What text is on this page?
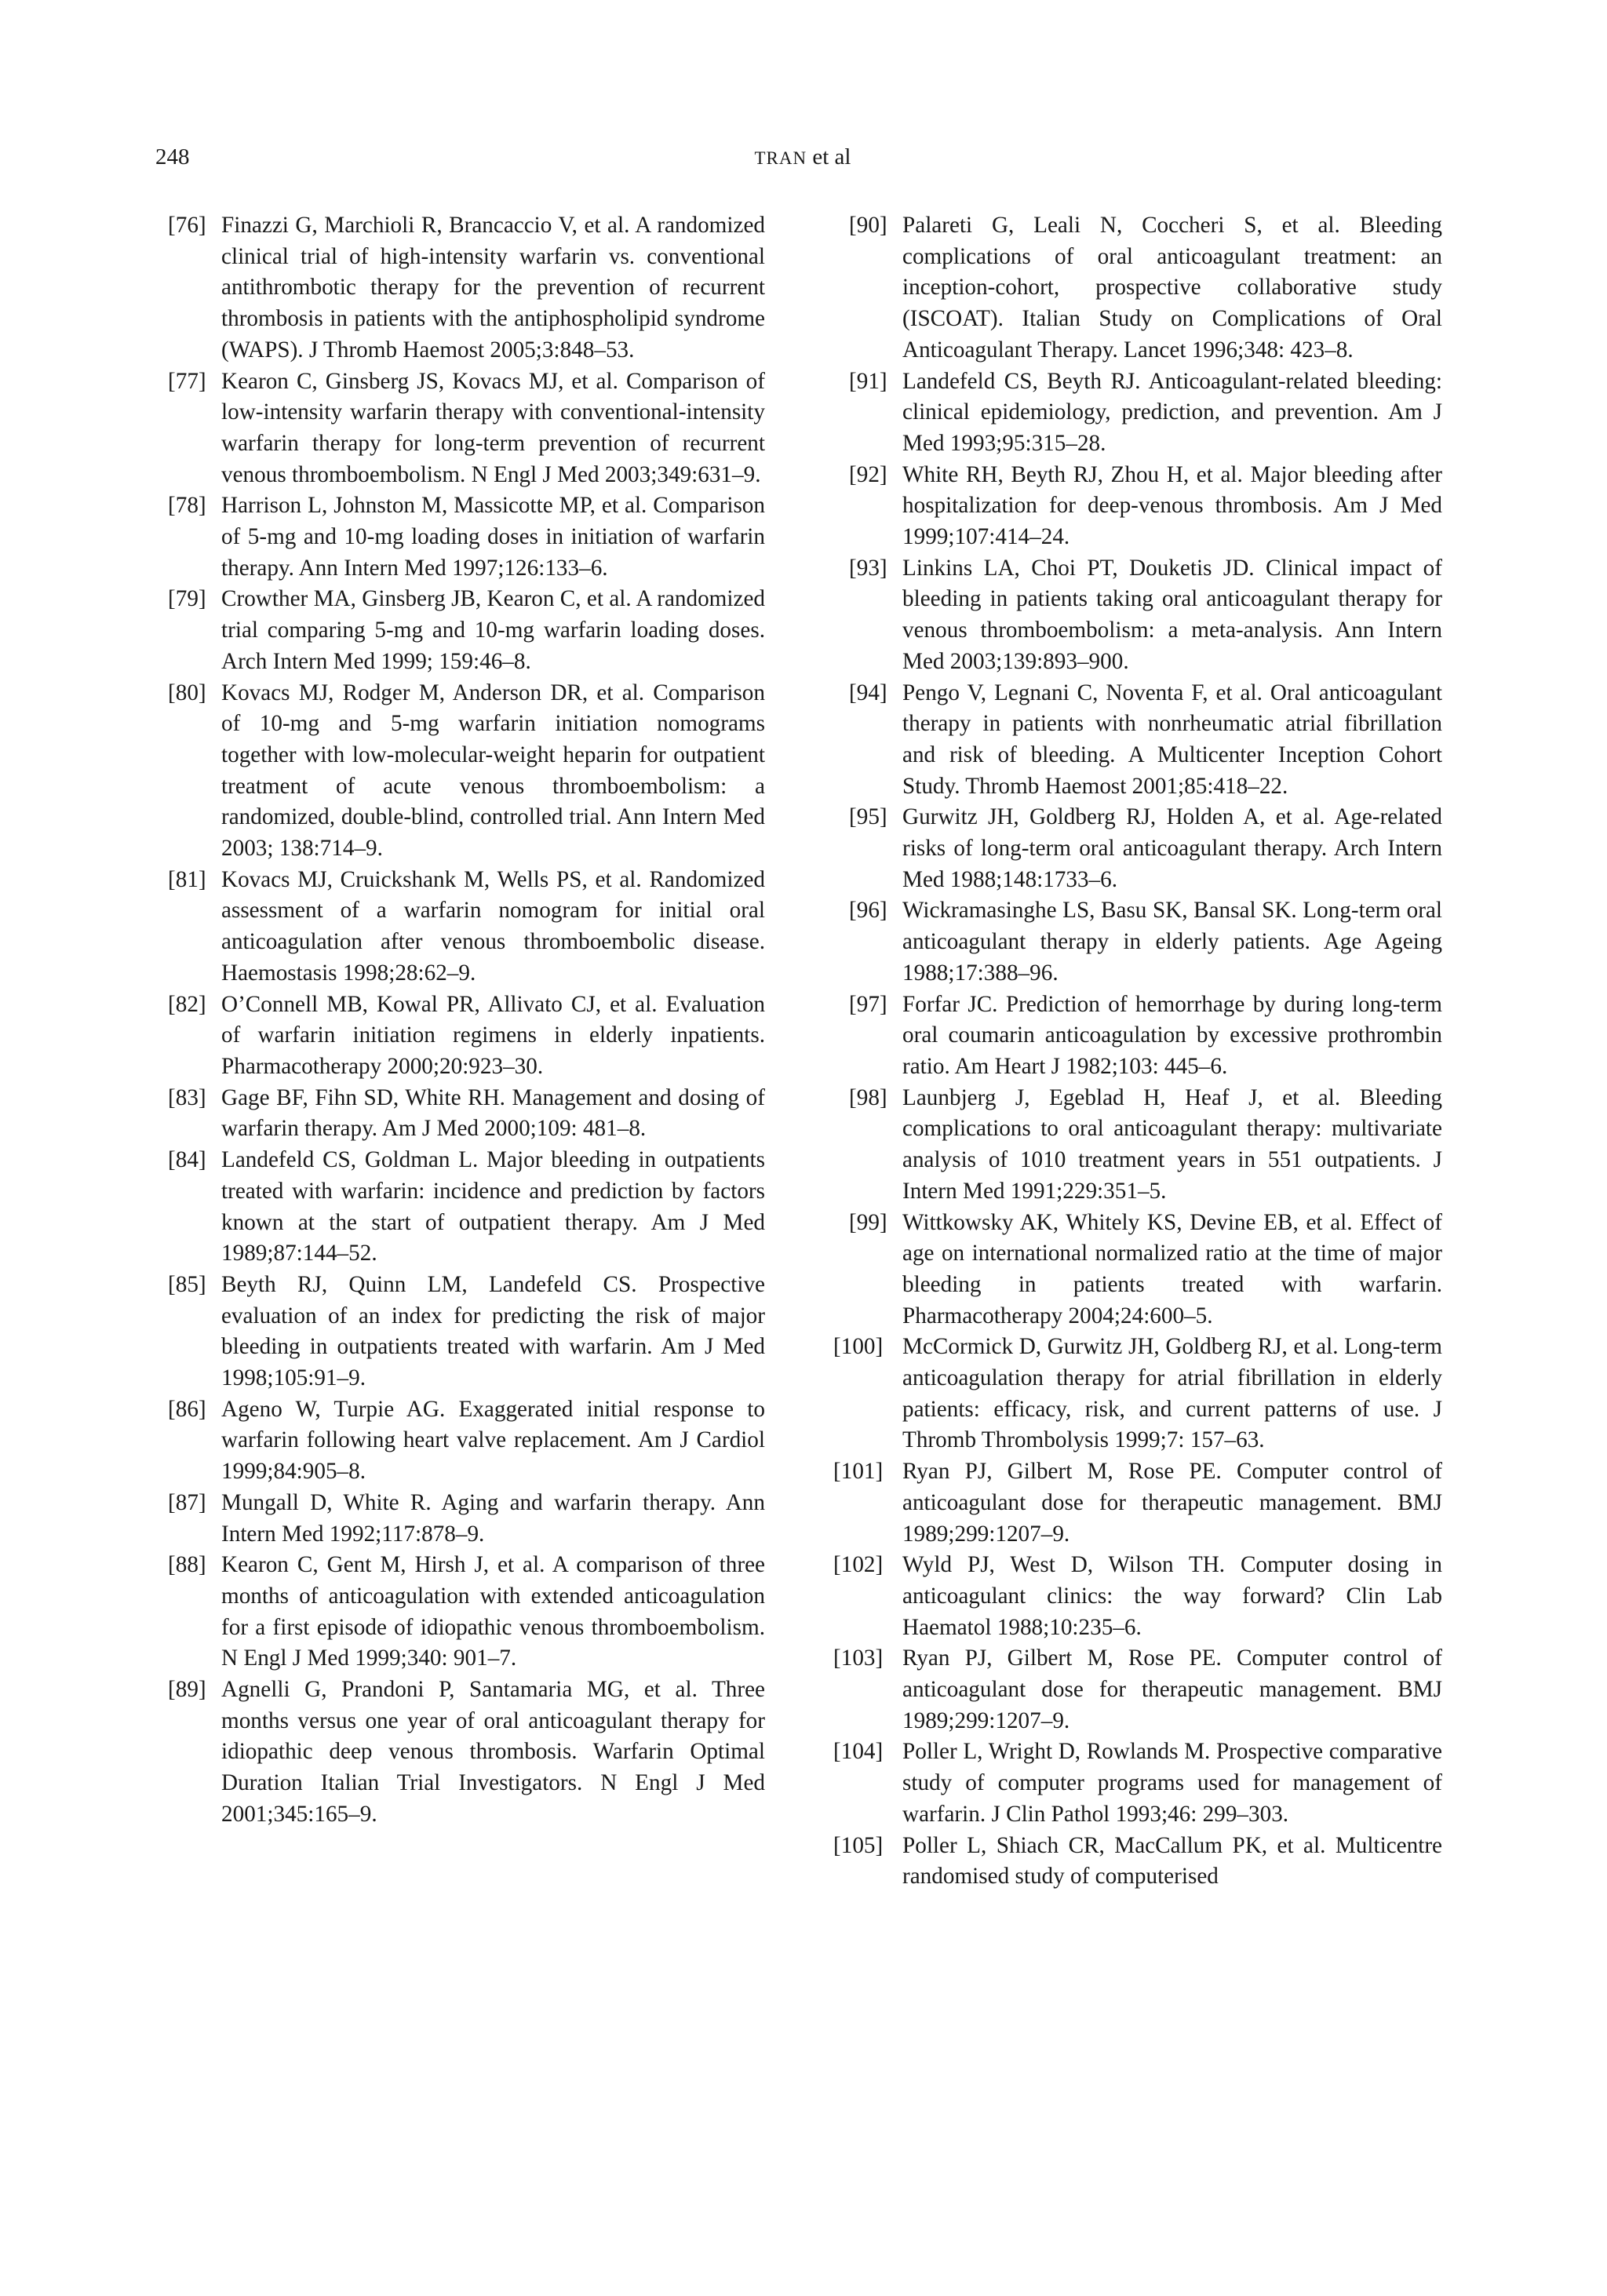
248	TRAN et al
[76] Finazzi G, Marchioli R, Brancaccio V, et al. A randomized clinical trial of high-intensity warfarin vs. conventional antithrombotic therapy for the prevention of recurrent thrombosis in patients with the antiphospholipid syndrome (WAPS). J Thromb Haemost 2005;3:848–53.
[77] Kearon C, Ginsberg JS, Kovacs MJ, et al. Comparison of low-intensity warfarin therapy with conventional-intensity warfarin therapy for long-term prevention of recurrent venous thromboembolism. N Engl J Med 2003;349:631–9.
[78] Harrison L, Johnston M, Massicotte MP, et al. Comparison of 5-mg and 10-mg loading doses in initiation of warfarin therapy. Ann Intern Med 1997;126:133–6.
[79] Crowther MA, Ginsberg JB, Kearon C, et al. A randomized trial comparing 5-mg and 10-mg warfarin loading doses. Arch Intern Med 1999; 159:46–8.
[80] Kovacs MJ, Rodger M, Anderson DR, et al. Comparison of 10-mg and 5-mg warfarin initiation nomograms together with low-molecular-weight heparin for outpatient treatment of acute venous thromboembolism: a randomized, double-blind, controlled trial. Ann Intern Med 2003; 138:714–9.
[81] Kovacs MJ, Cruickshank M, Wells PS, et al. Randomized assessment of a warfarin nomogram for initial oral anticoagulation after venous thromboembolic disease. Haemostasis 1998;28:62–9.
[82] O’Connell MB, Kowal PR, Allivato CJ, et al. Evaluation of warfarin initiation regimens in elderly inpatients. Pharmacotherapy 2000;20:923–30.
[83] Gage BF, Fihn SD, White RH. Management and dosing of warfarin therapy. Am J Med 2000;109: 481–8.
[84] Landefeld CS, Goldman L. Major bleeding in outpatients treated with warfarin: incidence and prediction by factors known at the start of outpatient therapy. Am J Med 1989;87:144–52.
[85] Beyth RJ, Quinn LM, Landefeld CS. Prospective evaluation of an index for predicting the risk of major bleeding in outpatients treated with warfarin. Am J Med 1998;105:91–9.
[86] Ageno W, Turpie AG. Exaggerated initial response to warfarin following heart valve replacement. Am J Cardiol 1999;84:905–8.
[87] Mungall D, White R. Aging and warfarin therapy. Ann Intern Med 1992;117:878–9.
[88] Kearon C, Gent M, Hirsh J, et al. A comparison of three months of anticoagulation with extended anticoagulation for a first episode of idiopathic venous thromboembolism. N Engl J Med 1999;340: 901–7.
[89] Agnelli G, Prandoni P, Santamaria MG, et al. Three months versus one year of oral anticoagulant therapy for idiopathic deep venous thrombosis. Warfarin Optimal Duration Italian Trial Investigators. N Engl J Med 2001;345:165–9.
[90] Palareti G, Leali N, Coccheri S, et al. Bleeding complications of oral anticoagulant treatment: an inception-cohort, prospective collaborative study (ISCOAT). Italian Study on Complications of Oral Anticoagulant Therapy. Lancet 1996;348: 423–8.
[91] Landefeld CS, Beyth RJ. Anticoagulant-related bleeding: clinical epidemiology, prediction, and prevention. Am J Med 1993;95:315–28.
[92] White RH, Beyth RJ, Zhou H, et al. Major bleeding after hospitalization for deep-venous thrombosis. Am J Med 1999;107:414–24.
[93] Linkins LA, Choi PT, Douketis JD. Clinical impact of bleeding in patients taking oral anticoagulant therapy for venous thromboembolism: a meta-analysis. Ann Intern Med 2003;139:893–900.
[94] Pengo V, Legnani C, Noventa F, et al. Oral anticoagulant therapy in patients with nonrheumatic atrial fibrillation and risk of bleeding. A Multicenter Inception Cohort Study. Thromb Haemost 2001;85:418–22.
[95] Gurwitz JH, Goldberg RJ, Holden A, et al. Age-related risks of long-term oral anticoagulant therapy. Arch Intern Med 1988;148:1733–6.
[96] Wickramasinghe LS, Basu SK, Bansal SK. Long-term oral anticoagulant therapy in elderly patients. Age Ageing 1988;17:388–96.
[97] Forfar JC. Prediction of hemorrhage by during long-term oral coumarin anticoagulation by excessive prothrombin ratio. Am Heart J 1982;103: 445–6.
[98] Launbjerg J, Egeblad H, Heaf J, et al. Bleeding complications to oral anticoagulant therapy: multivariate analysis of 1010 treatment years in 551 outpatients. J Intern Med 1991;229:351–5.
[99] Wittkowsky AK, Whitely KS, Devine EB, et al. Effect of age on international normalized ratio at the time of major bleeding in patients treated with warfarin. Pharmacotherapy 2004;24:600–5.
[100] McCormick D, Gurwitz JH, Goldberg RJ, et al. Long-term anticoagulation therapy for atrial fibrillation in elderly patients: efficacy, risk, and current patterns of use. J Thromb Thrombolysis 1999;7: 157–63.
[101] Ryan PJ, Gilbert M, Rose PE. Computer control of anticoagulant dose for therapeutic management. BMJ 1989;299:1207–9.
[102] Wyld PJ, West D, Wilson TH. Computer dosing in anticoagulant clinics: the way forward? Clin Lab Haematol 1988;10:235–6.
[103] Ryan PJ, Gilbert M, Rose PE. Computer control of anticoagulant dose for therapeutic management. BMJ 1989;299:1207–9.
[104] Poller L, Wright D, Rowlands M. Prospective comparative study of computer programs used for management of warfarin. J Clin Pathol 1993;46: 299–303.
[105] Poller L, Shiach CR, MacCallum PK, et al. Multicentre randomised study of computerised
